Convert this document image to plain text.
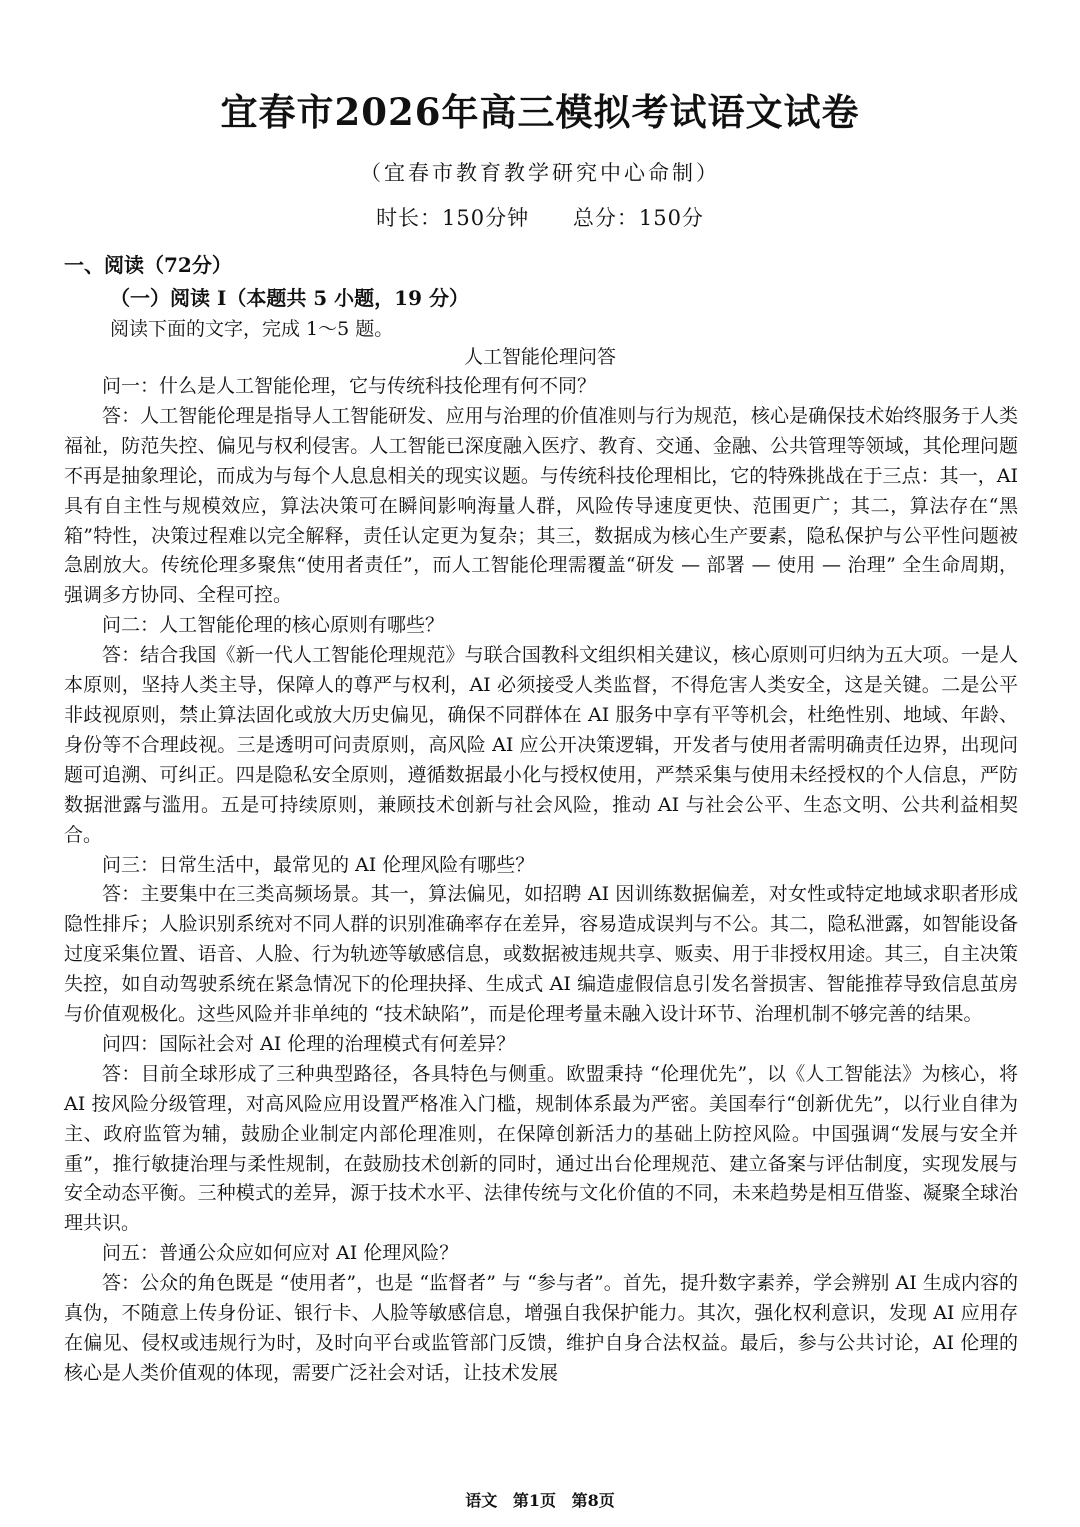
宜春市2026年高三模拟考试语文试卷
（宜春市教育教学研究中心命制）
时长：150分钟 总分：150分
一、阅读（72分）
（一）阅读 I（本题共 5 小题，19 分）
阅读下面的文字，完成 1～5 题。
人工智能伦理问答

问一：什么是人工智能伦理，它与传统科技伦理有何不同？

答：人工智能伦理是指导人工智能研发、应用与治理的价值准则与行为规范，核心是确保技术始终服务于人类福祉，防范失控、偏见与权利侵害。人工智能已深度融入医疗、教育、交通、金融、公共管理等领域，其伦理问题不再是抽象理论，而成为与每个人息息相关的现实议题。与传统科技伦理相比，它的特殊挑战在于三点：其一，AI 具有自主性与规模效应，算法决策可在瞬间影响海量人群，风险传导速度更快、范围更广；其二，算法存在“黑箱”特性，决策过程难以完全解释，责任认定更为复杂；其三，数据成为核心生产要素，隐私保护与公平性问题被急剧放大。传统伦理多聚焦“使用者责任”，而人工智能伦理需覆盖“研发 — 部署 — 使用 — 治理” 全生命周期，强调多方协同、全程可控。

问二：人工智能伦理的核心原则有哪些？

答：结合我国《新一代人工智能伦理规范》与联合国教科文组织相关建议，核心原则可归纳为五大项。一是人本原则，坚持人类主导，保障人的尊严与权利，AI 必须接受人类监督，不得危害人类安全，这是关键。二是公平非歧视原则，禁止算法固化或放大历史偏见，确保不同群体在 AI 服务中享有平等机会，杜绝性别、地域、年龄、身份等不合理歧视。三是透明可问责原则，高风险 AI 应公开决策逻辑，开发者与使用者需明确责任边界，出现问题可追溯、可纠正。四是隐私安全原则，遵循数据最小化与授权使用，严禁采集与使用未经授权的个人信息，严防数据泄露与滥用。五是可持续原则，兼顾技术创新与社会风险，推动 AI 与社会公平、生态文明、公共利益相契合。

问三：日常生活中，最常见的 AI 伦理风险有哪些？

答：主要集中在三类高频场景。其一，算法偏见，如招聘 AI 因训练数据偏差，对女性或特定地域求职者形成隐性排斥；人脸识别系统对不同人群的识别准确率存在差异，容易造成误判与不公。其二，隐私泄露，如智能设备过度采集位置、语音、人脸、行为轨迹等敏感信息，或数据被违规共享、贩卖、用于非授权用途。其三，自主决策失控，如自动驾驶系统在紧急情况下的伦理抉择、生成式 AI 编造虚假信息引发名誉损害、智能推荐导致信息茧房与价值观极化。这些风险并非单纯的 “技术缺陷”，而是伦理考量未融入设计环节、治理机制不够完善的结果。

问四：国际社会对 AI 伦理的治理模式有何差异？

答：目前全球形成了三种典型路径，各具特色与侧重。欧盟秉持 “伦理优先”，以《人工智能法》为核心，将 AI 按风险分级管理，对高风险应用设置严格准入门槛，规制体系最为严密。美国奉行“创新优先”，以行业自律为主、政府监管为辅，鼓励企业制定内部伦理准则，在保障创新活力的基础上防控风险。中国强调“发展与安全并重”，推行敏捷治理与柔性规制，在鼓励技术创新的同时，通过出台伦理规范、建立备案与评估制度，实现发展与安全动态平衡。三种模式的差异，源于技术水平、法律传统与文化价值的不同，未来趋势是相互借鉴、凝聚全球治理共识。

问五：普通公众应如何应对 AI 伦理风险？

答：公众的角色既是 “使用者”，也是 “监督者” 与 “参与者”。首先，提升数字素养，学会辨别 AI 生成内容的真伪，不随意上传身份证、银行卡、人脸等敏感信息，增强自我保护能力。其次，强化权利意识，发现 AI 应用存在偏见、侵权或违规行为时，及时向平台或监管部门反馈，维护自身合法权益。最后，参与公共讨论，AI 伦理的核心是人类价值观的体现，需要广泛社会对话，让技术发展

语文 第1页 第8页
